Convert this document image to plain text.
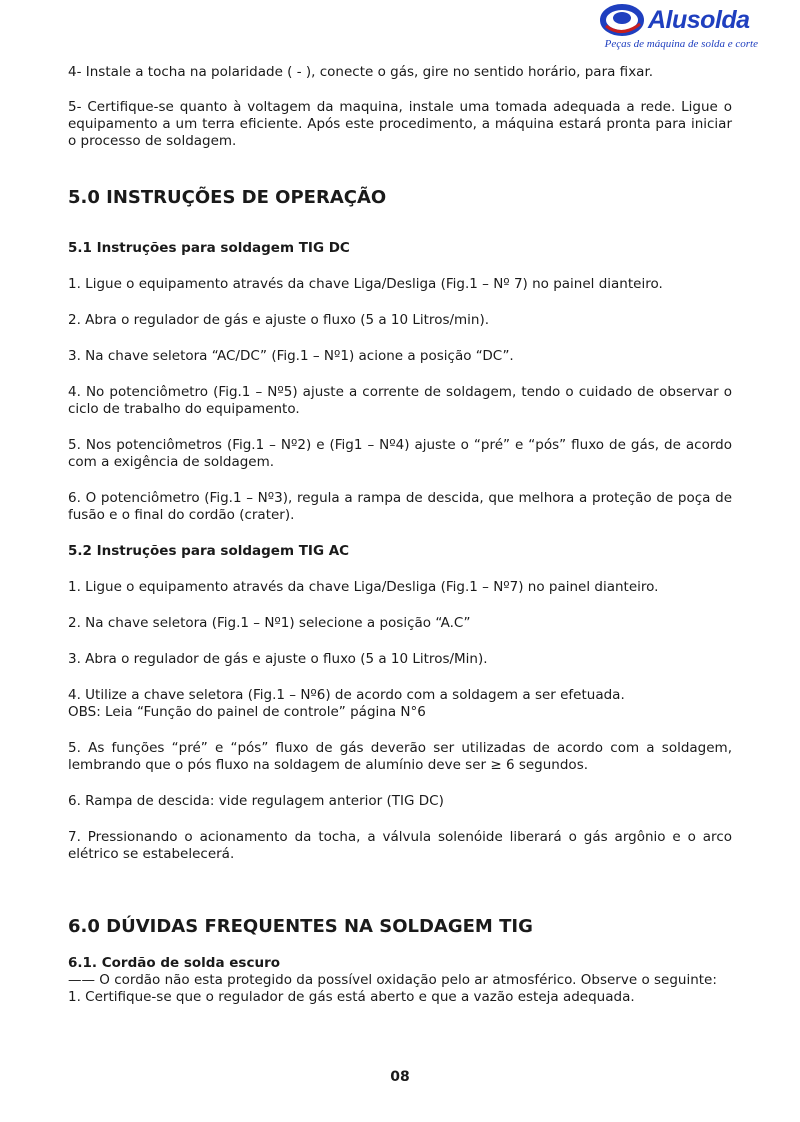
Alusolda
Peças de máquina de solda e corte

4- Instale a tocha na polaridade ( - ), conecte o gás, gire no sentido horário, para fixar.

5- Certifique-se quanto à voltagem da maquina, instale uma tomada adequada a rede. Ligue o equipamento a um terra eficiente. Após este procedimento, a máquina estará pronta para iniciar o processo de soldagem.

5.0 INSTRUÇÕES DE OPERAÇÃO
5.1 Instruções para soldagem TIG DC

1. Ligue o equipamento através da chave Liga/Desliga (Fig.1 – Nº 7) no painel dianteiro.

2. Abra o regulador de gás e ajuste o fluxo (5 a 10 Litros/min).

3. Na chave seletora “AC/DC” (Fig.1 – Nº1) acione a posição “DC”.

4. No potenciômetro (Fig.1 – Nº5) ajuste a corrente de soldagem, tendo o cuidado de observar o ciclo de trabalho do equipamento.

5. Nos potenciômetros (Fig.1 – Nº2) e (Fig1 – Nº4) ajuste o “pré” e “pós” fluxo de gás, de acordo com a exigência de soldagem.

6. O potenciômetro (Fig.1 – Nº3), regula a rampa de descida, que melhora a proteção de poça de fusão e o final do cordão (crater).

5.2 Instruções para soldagem TIG AC

1. Ligue o equipamento através da chave Liga/Desliga (Fig.1 – Nº7) no painel dianteiro.

2. Na chave seletora (Fig.1 – Nº1) selecione a posição “A.C”

3. Abra o regulador de gás e ajuste o fluxo (5 a 10 Litros/Min).

4. Utilize a chave seletora (Fig.1 – Nº6) de acordo com a soldagem a ser efetuada.

OBS: Leia “Função do painel de controle” página N°6

5. As funções “pré” e “pós” fluxo de gás deverão ser utilizadas de acordo com a soldagem, lembrando que o pós fluxo na soldagem de alumínio deve ser ≥ 6 segundos.

6. Rampa de descida: vide regulagem anterior (TIG DC)

7. Pressionando o acionamento da tocha, a válvula solenóide liberará o gás argônio e o arco elétrico se estabelecerá.

6.0 DÚVIDAS FREQUENTES NA SOLDAGEM TIG
6.1. Cordão de solda escuro

—— O cordão não esta protegido da possível oxidação pelo ar atmosférico. Observe o seguinte:

1. Certifique-se que o regulador de gás está aberto e que a vazão esteja adequada.

08
